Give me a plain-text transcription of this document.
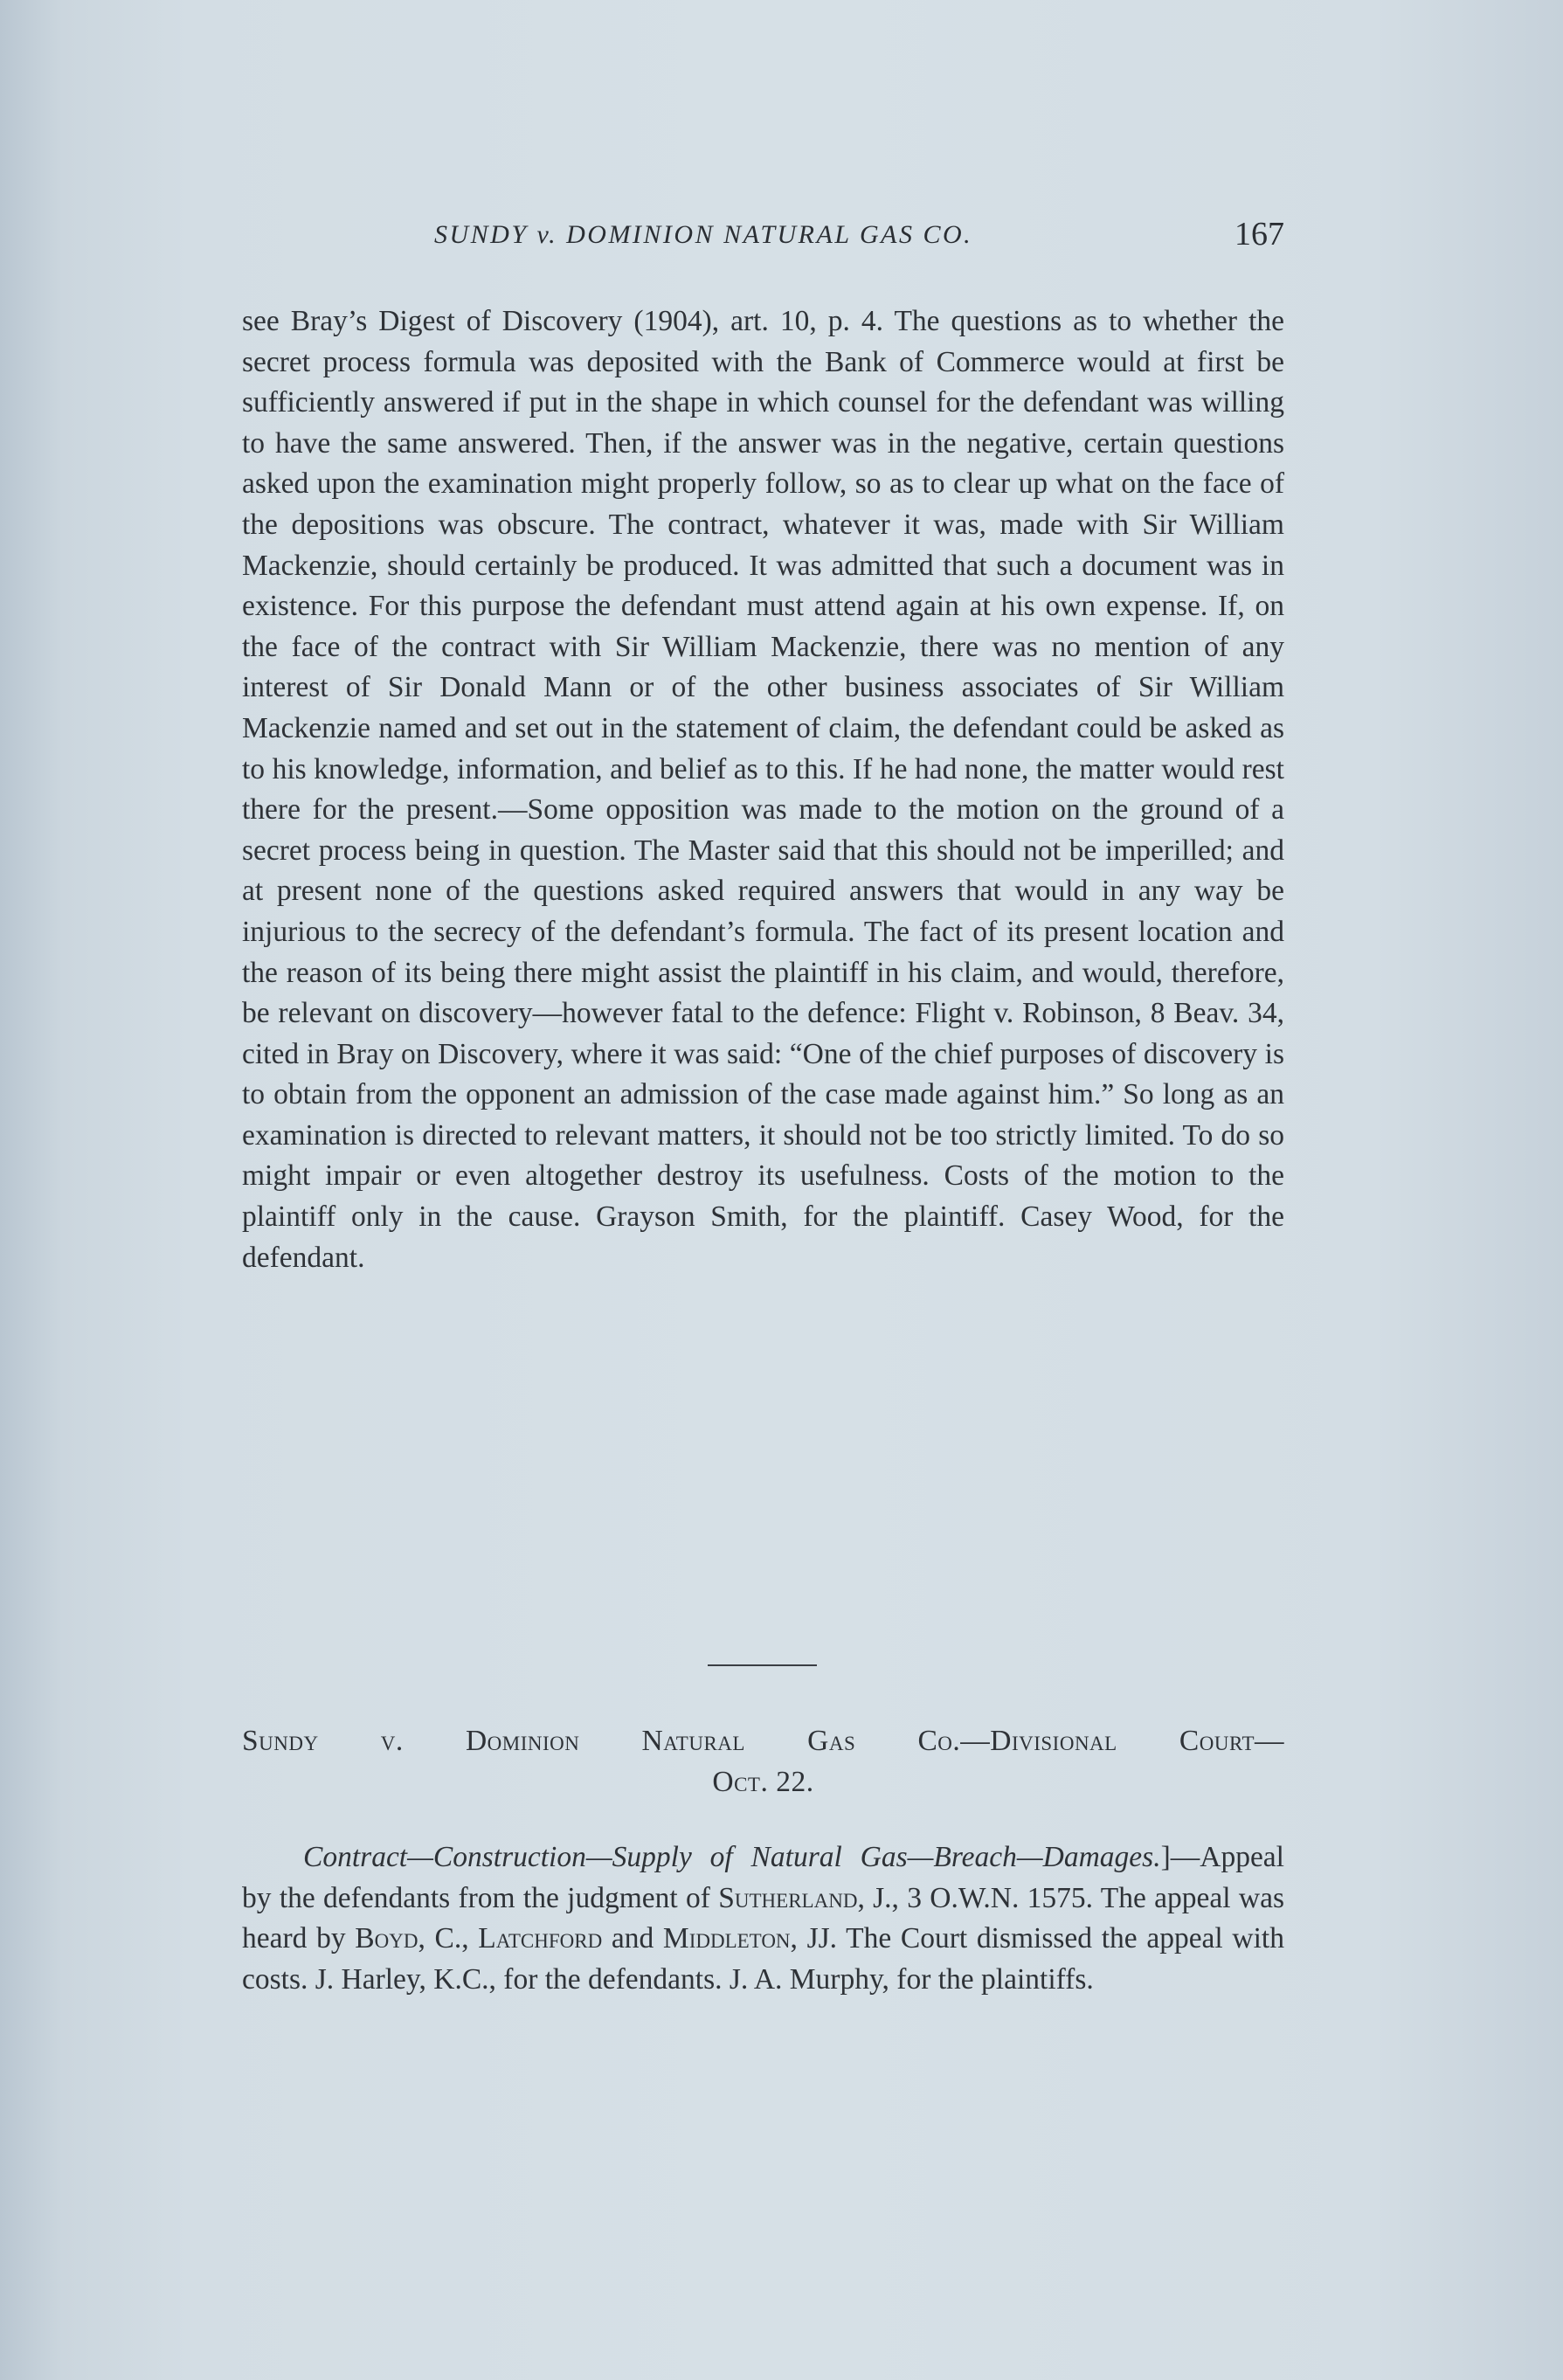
SUNDY v. DOMINION NATURAL GAS CO.	167

see Bray’s Digest of Discovery (1904), art. 10, p. 4. The questions as to whether the secret process formula was deposited with the Bank of Commerce would at first be sufficiently answered if put in the shape in which counsel for the defendant was willing to have the same answered. Then, if the answer was in the negative, certain questions asked upon the examination might properly follow, so as to clear up what on the face of the depositions was obscure. The contract, whatever it was, made with Sir William Mackenzie, should certainly be produced. It was admitted that such a document was in existence. For this purpose the defendant must attend again at his own expense. If, on the face of the contract with Sir William Mackenzie, there was no mention of any interest of Sir Donald Mann or of the other business associates of Sir William Mackenzie named and set out in the statement of claim, the defendant could be asked as to his knowledge, information, and belief as to this. If he had none, the matter would rest there for the present.—Some opposition was made to the motion on the ground of a secret process being in question. The Master said that this should not be imperilled; and at present none of the questions asked required answers that would in any way be injurious to the secrecy of the defendant’s formula. The fact of its present location and the reason of its being there might assist the plaintiff in his claim, and would, therefore, be relevant on discovery—however fatal to the defence: Flight v. Robinson, 8 Beav. 34, cited in Bray on Discovery, where it was said: “One of the chief purposes of discovery is to obtain from the opponent an admission of the case made against him.” So long as an examination is directed to relevant matters, it should not be too strictly limited. To do so might impair or even altogether destroy its usefulness. Costs of the motion to the plaintiff only in the cause. Grayson Smith, for the plaintiff. Casey Wood, for the defendant.

Sundy v. Dominion Natural Gas Co.—Divisional Court—
Oct. 22.

Contract—Construction—Supply of Natural Gas—Breach—Damages.]—Appeal by the defendants from the judgment of Sutherland, J., 3 O.W.N. 1575. The appeal was heard by Boyd, C., Latchford and Middleton, JJ. The Court dismissed the appeal with costs. J. Harley, K.C., for the defendants. J. A. Murphy, for the plaintiffs.
